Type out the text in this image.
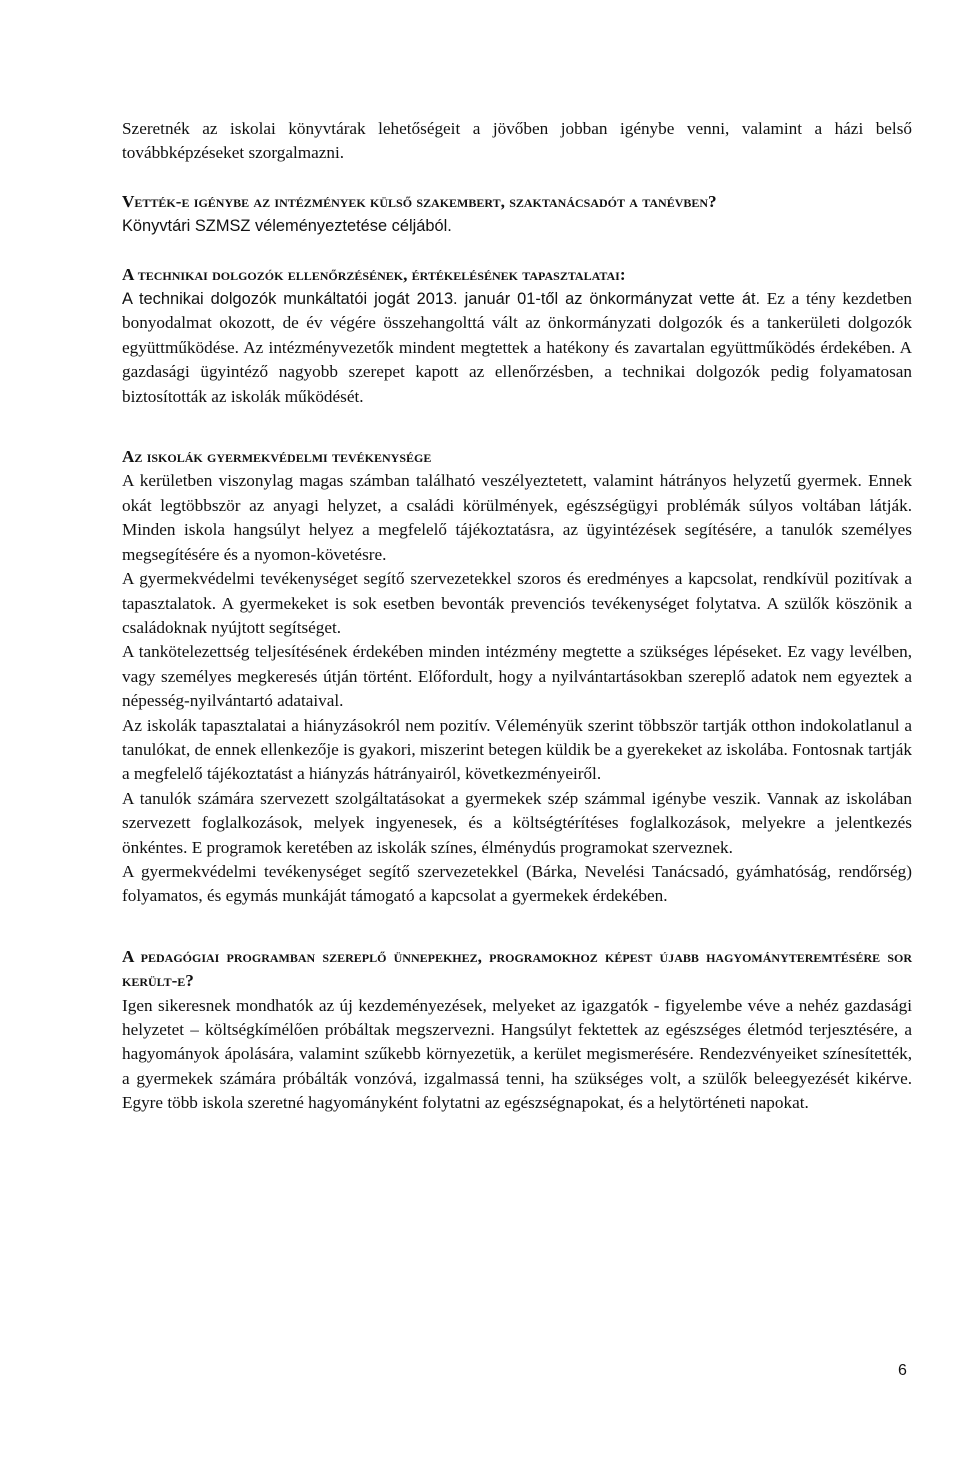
Szeretnék az iskolai könyvtárak lehetőségeit a jövőben jobban igénybe venni, valamint a házi belső továbbképzéseket szorgalmazni.

Vették-e igénybe az intézmények külső szakembert, szaktanácsadót a tanévben?

Könyvtári SZMSZ véleményeztetése céljából.

A technikai dolgozók ellenőrzésének, értékelésének tapasztalatai:

A technikai dolgozók munkáltatói jogát 2013. január 01-től az önkormányzat vette át. Ez a tény kezdetben bonyodalmat okozott, de év végére összehangolttá vált az önkormányzati dolgozók és a tankerületi dolgozók együttműködése. Az intézményvezetők mindent megtettek a hatékony és zavartalan együttműködés érdekében. A gazdasági ügyintéző nagyobb szerepet kapott az ellenőrzésben, a technikai dolgozók pedig folyamatosan biztosították az iskolák működését.

Az iskolák gyermekvédelmi tevékenysége

A kerületben viszonylag magas számban található veszélyeztetett, valamint hátrányos helyzetű gyermek. Ennek okát legtöbbször az anyagi helyzet, a családi körülmények, egészségügyi problémák súlyos voltában látják. Minden iskola hangsúlyt helyez a megfelelő tájékoztatásra, az ügyintézések segítésére, a tanulók személyes megsegítésére és a nyomon-követésre.

A gyermekvédelmi tevékenységet segítő szervezetekkel szoros és eredményes a kapcsolat, rendkívül pozitívak a tapasztalatok. A gyermekeket is sok esetben bevonták prevenciós tevékenységet folytatva. A szülők köszönik a családoknak nyújtott segítséget.

A tankötelezettség teljesítésének érdekében minden intézmény megtette a szükséges lépéseket. Ez vagy levélben, vagy személyes megkeresés útján történt. Előfordult, hogy a nyilvántartásokban szereplő adatok nem egyeztek a népesség-nyilvántartó adataival.

Az iskolák tapasztalatai a hiányzásokról nem pozitív. Véleményük szerint többször tartják otthon indokolatlanul a tanulókat, de ennek ellenkezője is gyakori, miszerint betegen küldik be a gyerekeket az iskolába. Fontosnak tartják a megfelelő tájékoztatást a hiányzás hátrányairól, következményeiről.

A tanulók számára szervezett szolgáltatásokat a gyermekek szép számmal igénybe veszik. Vannak az iskolában szervezett foglalkozások, melyek ingyenesek, és a költségtérítéses foglalkozások, melyekre a jelentkezés önkéntes. E programok keretében az iskolák színes, élménydús programokat szerveznek.

A gyermekvédelmi tevékenységet segítő szervezetekkel (Bárka, Nevelési Tanácsadó, gyámhatóság, rendőrség) folyamatos, és egymás munkáját támogató a kapcsolat a gyermekek érdekében.

A pedagógiai programban szereplő ünnepekhez, programokhoz képest újabb hagyományteremtésére sor került-e?

Igen sikeresnek mondhatók az új kezdeményezések, melyeket az igazgatók - figyelembe véve a nehéz gazdasági helyzetet – költségkímélően próbáltak megszervezni. Hangsúlyt fektettek az egészséges életmód terjesztésére, a hagyományok ápolására, valamint szűkebb környezetük, a kerület megismerésére. Rendezvényeiket színesítették, a gyermekek számára próbálták vonzóvá, izgalmassá tenni, ha szükséges volt, a szülők beleegyezését kikérve. Egyre több iskola szeretné hagyományként folytatni az egészségnapokat, és a helytörténeti napokat.

6
